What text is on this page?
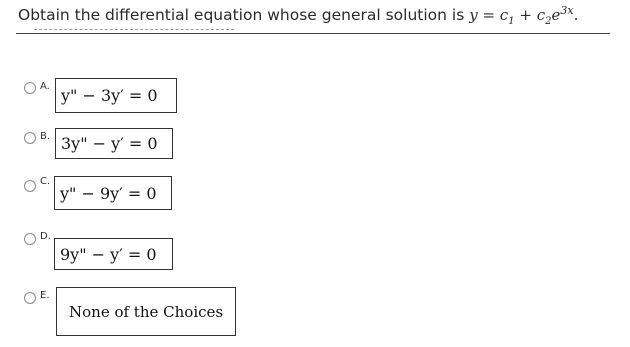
Obtain the differential equation whose general solution is $y = c_1 + c_2e^{3x}$.
A. y" − 3y′ = 0
B. 3y" − y′ = 0
C.
y" − 9y′ = 0
D.
9y" − y′ = 0
E.
None of the Choices
